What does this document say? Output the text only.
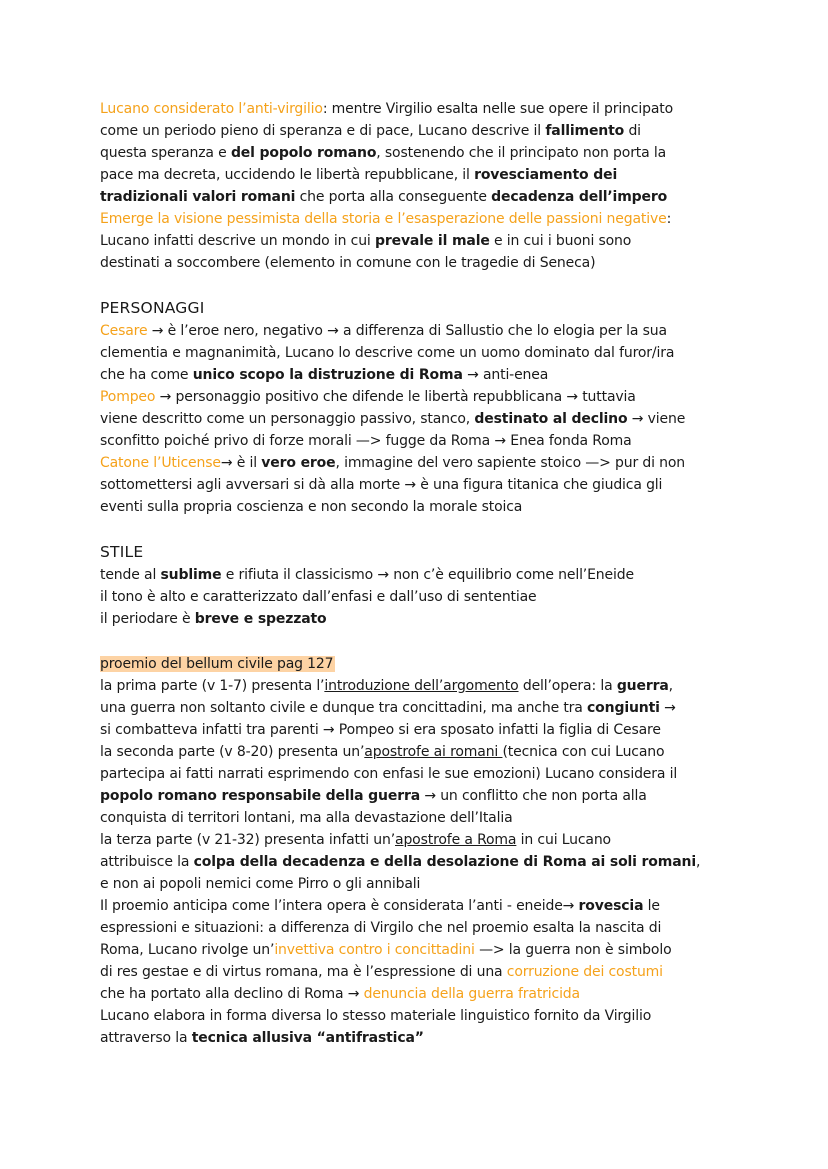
Lucano considerato l’anti-virgilio: mentre Virgilio esalta nelle sue opere il principato
come un periodo pieno di speranza e di pace, Lucano descrive il fallimento di
questa speranza e del popolo romano, sostenendo che il principato non porta la
pace ma decreta, uccidendo le libertà repubblicane, il rovesciamento dei
tradizionali valori romani che porta alla conseguente decadenza dell’impero
Emerge la visione pessimista della storia e l’esasperazione delle passioni negative:
Lucano infatti descrive un mondo in cui prevale il male e in cui i buoni sono
destinati a soccombere (elemento in comune con le tragedie di Seneca)
PERSONAGGI
Cesare → è l’eroe nero, negativo → a differenza di Sallustio che lo elogia per la sua
clementia e magnanimità, Lucano lo descrive come un uomo dominato dal furor/ira
che ha come unico scopo la distruzione di Roma → anti-enea
Pompeo → personaggio positivo che difende le libertà repubblicana → tuttavia
viene descritto come un personaggio passivo, stanco, destinato al declino → viene
sconfitto poiché privo di forze morali —> fugge da Roma → Enea fonda Roma
Catone l’Uticense→ è il vero eroe, immagine del vero sapiente stoico —> pur di non
sottomettersi agli avversari si dà alla morte → è una figura titanica che giudica gli
eventi sulla propria coscienza e non secondo la morale stoica
STILE
tende al sublime e rifiuta il classicismo → non c’è equilibrio come nell’Eneide
il tono è alto e caratterizzato dall’enfasi e dall’uso di sententiae
il periodare è breve e spezzato
proemio del bellum civile pag 127
la prima parte (v 1-7) presenta l’introduzione dell’argomento dell’opera: la guerra,
una guerra non soltanto civile e dunque tra concittadini, ma anche tra congiunti →
si combatteva infatti tra parenti → Pompeo si era sposato infatti la figlia di Cesare
la seconda parte (v 8-20) presenta un’apostrofe ai romani (tecnica con cui Lucano
partecipa ai fatti narrati esprimendo con enfasi le sue emozioni) Lucano considera il
popolo romano responsabile della guerra → un conflitto che non porta alla
conquista di territori lontani, ma alla devastazione dell’Italia
la terza parte (v 21-32) presenta infatti un’apostrofe a Roma in cui Lucano
attribuisce la colpa della decadenza e della desolazione di Roma ai soli romani,
e non ai popoli nemici come Pirro o gli annibali
Il proemio anticipa come l’intera opera è considerata l’anti - eneide→ rovescia le
espressioni e situazioni: a differenza di Virgilo che nel proemio esalta la nascita di
Roma, Lucano rivolge un’invettiva contro i concittadini —> la guerra non è simbolo
di res gestae e di virtus romana, ma è l’espressione di una corruzione dei costumi
che ha portato alla declino di Roma → denuncia della guerra fratricida
Lucano elabora in forma diversa lo stesso materiale linguistico fornito da Virgilio
attraverso la tecnica allusiva “antifrastica”
